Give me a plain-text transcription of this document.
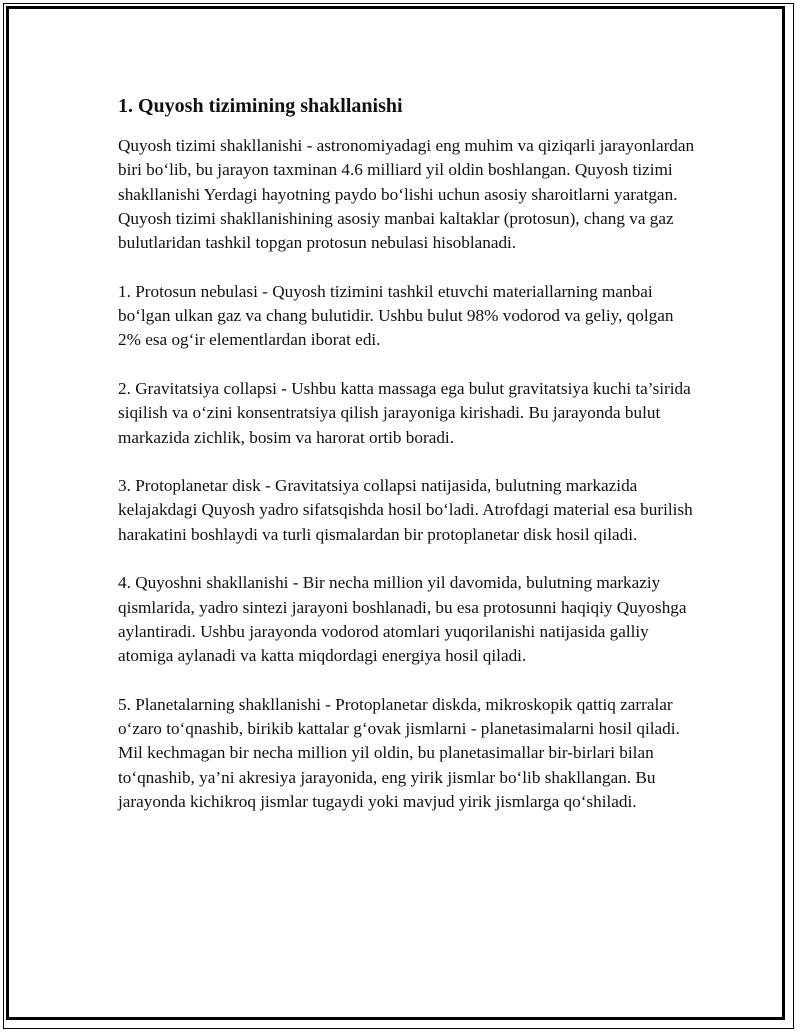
1. Quyosh tizimining shakllanishi

Quyosh tizimi shakllanishi - astronomiyadagi eng muhim va qiziqarli jarayonlardan biri bo‘lib, bu jarayon taxminan 4.6 milliard yil oldin boshlangan. Quyosh tizimi shakllanishi Yerdagi hayotning paydo bo‘lishi uchun asosiy sharoitlarni yaratgan. Quyosh tizimi shakllanishining asosiy manbai kaltaklar (protosun), chang va gaz bulutlaridan tashkil topgan protosun nebulasi hisoblanadi.

1. Protosun nebulasi - Quyosh tizimini tashkil etuvchi materiallarning manbai bo‘lgan ulkan gaz va chang bulutidir. Ushbu bulut 98% vodorod va geliy, qolgan 2% esa og‘ir elementlardan iborat edi.

2. Gravitatsiya collapsi - Ushbu katta massaga ega bulut gravitatsiya kuchi ta’sirida siqilish va o‘zini konsentratsiya qilish jarayoniga kirishadi. Bu jarayonda bulut markazida zichlik, bosim va harorat ortib boradi.

3. Protoplanetar disk - Gravitatsiya collapsi natijasida, bulutning markazida kelajakdagi Quyosh yadro sifatsqishda hosil bo‘ladi. Atrofdagi material esa burilish harakatini boshlaydi va turli qismalardan bir protoplanetar disk hosil qiladi.

4. Quyoshni shakllanishi - Bir necha million yil davomida, bulutning markaziy qismlarida, yadro sintezi jarayoni boshlanadi, bu esa protosunni haqiqiy Quyoshga aylantiradi. Ushbu jarayonda vodorod atomlari yuqorilanishi natijasida galliy atomiga aylanadi va katta miqdordagi energiya hosil qiladi.

5. Planetalarning shakllanishi - Protoplanetar diskda, mikroskopik qattiq zarralar o‘zaro to‘qnashib, birikib kattalar g‘ovak jismlarni - planetasimalarni hosil qiladi. Mil kechmagan bir necha million yil oldin, bu planetasimallar bir-birlari bilan to‘qnashib, ya’ni akresiya jarayonida, eng yirik jismlar bo‘lib shakllangan. Bu jarayonda kichikroq jismlar tugaydi yoki mavjud yirik jismlarga qo‘shiladi.
